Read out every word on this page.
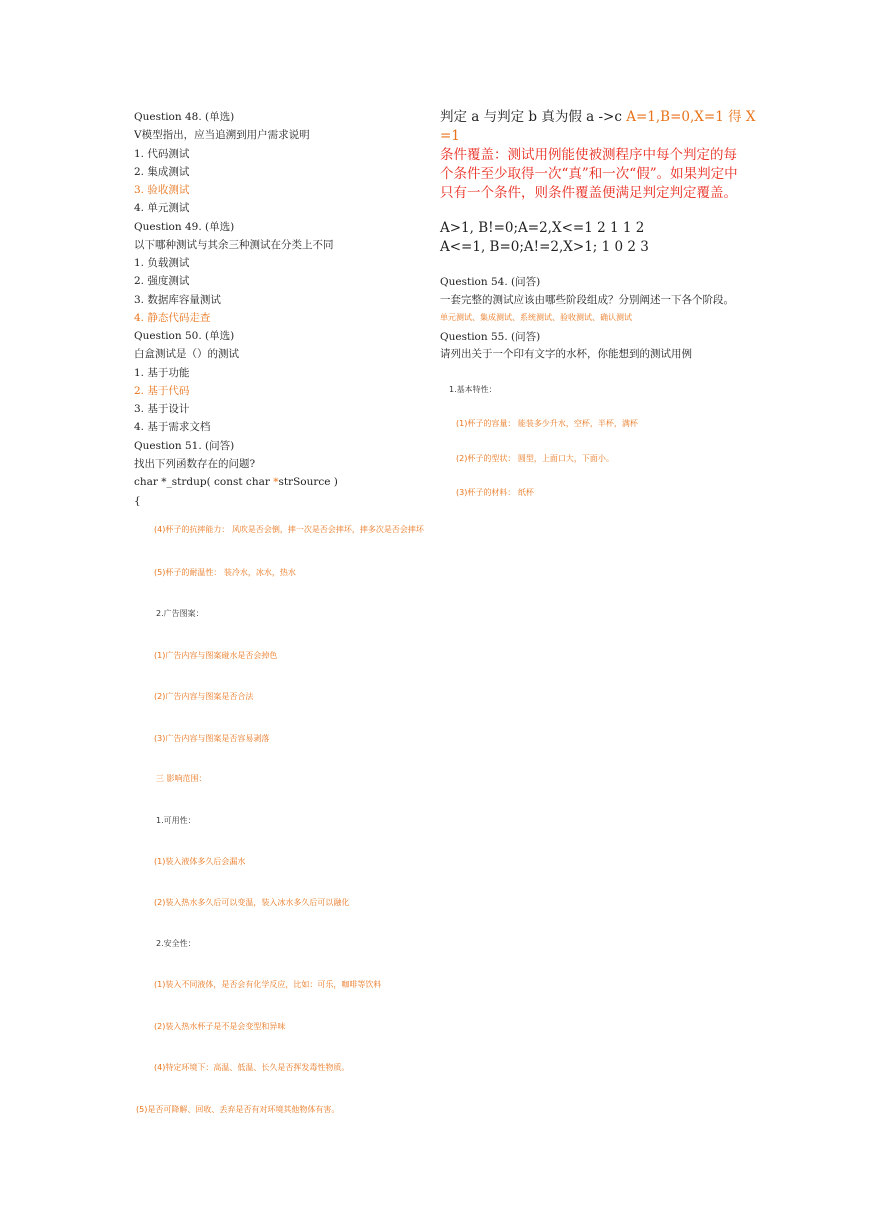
Question 48. (单选)
V模型指出，应当追溯到用户需求说明
1. 代码测试
2. 集成测试
3. 验收测试
4. 单元测试
Question 49. (单选)
以下哪种测试与其余三种测试在分类上不同
1. 负载测试
2. 强度测试
3. 数据库容量测试
4. 静态代码走查
Question 50. (单选)
白盒测试是（）的测试
1. 基于功能
2. 基于代码
3. 基于设计
4. 基于需求文档
Question 51. (问答)
找出下列函数存在的问题?
char *_strdup( const char *strSource )
{
判定 a 与判定 b 真为假 a ->c A=1,B=0,X=1 得 X
=1
条件覆盖：测试用例能使被测程序中每个判定的每个条件至少取得一次“真”和一次“假”。如果判定中只有一个条件，则条件覆盖便满足判定判定覆盖。
A>1, B!=0;A=2,X<=1 2 1 1 2
A<=1, B=0;A!=2,X>1; 1 0 2 3
Question 54. (问答)
一套完整的测试应该由哪些阶段组成？分别阐述一下各个阶段。
单元测试、集成测试、系统测试、验收测试、确认测试
Question 55. (问答)
请列出关于一个印有文字的水杯，你能想到的测试用例
1.基本特性：
(1)杯子的容量： 能装多少升水，空杯，半杯，满杯
(2)杯子的型状： 圆型，上面口大，下面小。
(3)杯子的材料： 纸杯
(4)杯子的抗摔能力： 风吹是否会倒，摔一次是否会摔坏，摔多次是否会摔坏
(5)杯子的耐温性： 装冷水，冰水，热水
2.广告图案：
(1)广告内容与图案碰水是否会掉色
(2)广告内容与图案是否合法
(3)广告内容与图案是否容易剥落
三 影响范围：
1.可用性：
(1)装入液体多久后会漏水
(2)装入热水多久后可以变温，装入冰水多久后可以融化
2.安全性：
(1)装入不同液体，是否会有化学反应，比如：可乐，咖啡等饮料
(2)装入热水杯子是不是会变型和异味
(4)特定环境下：高温、低温、长久是否挥发毒性物质。
(5)是否可降解、回收、丢弃是否有对环境其他物体有害。
